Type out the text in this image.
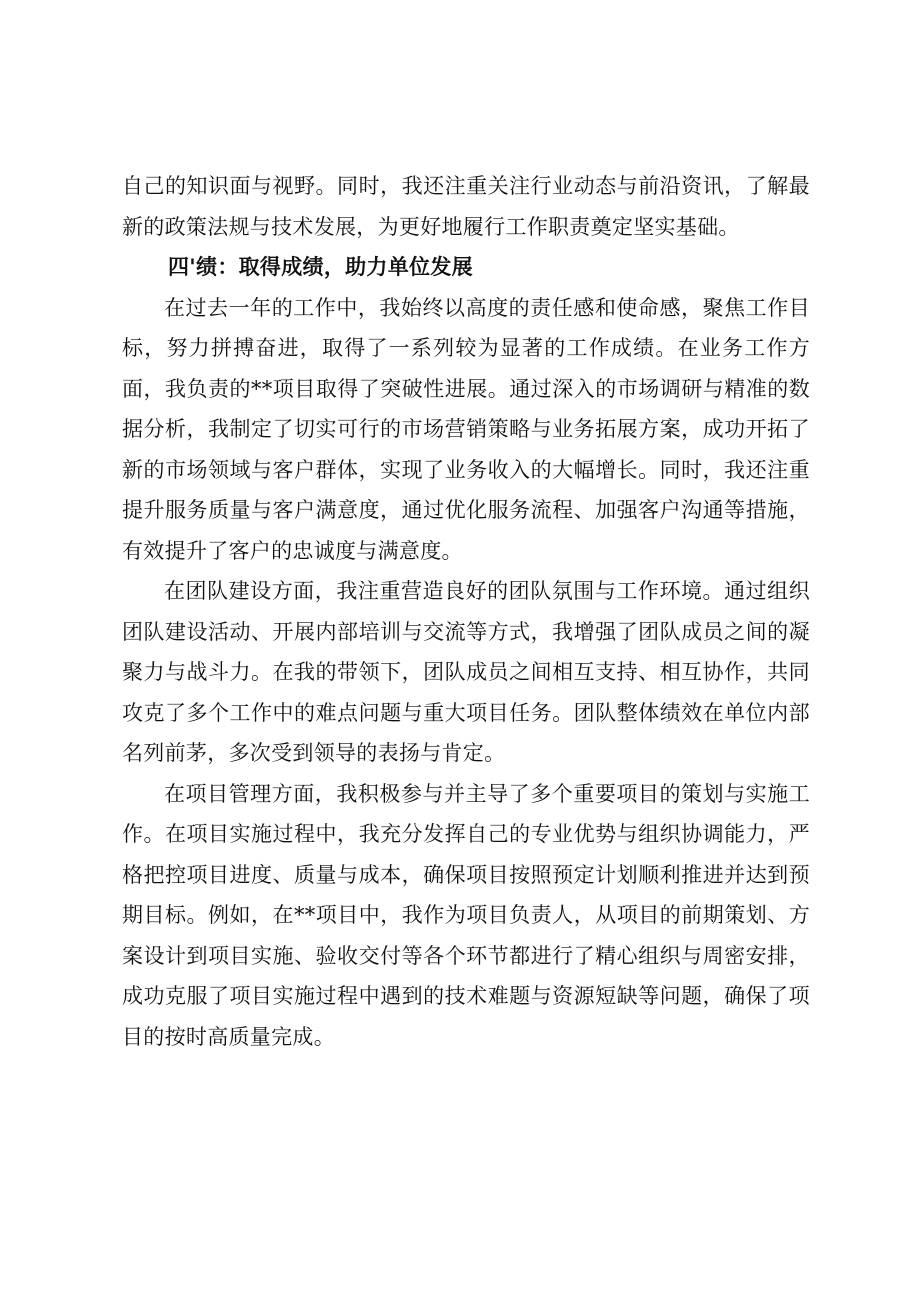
自己的知识面与视野。同时，我还注重关注行业动态与前沿资讯，了解最新的政策法规与技术发展，为更好地履行工作职责奠定坚实基础。

四'绩：取得成绩，助力单位发展

在过去一年的工作中，我始终以高度的责任感和使命感，聚焦工作目标，努力拼搏奋进，取得了一系列较为显著的工作成绩。在业务工作方面，我负责的**项目取得了突破性进展。通过深入的市场调研与精准的数据分析，我制定了切实可行的市场营销策略与业务拓展方案，成功开拓了新的市场领域与客户群体，实现了业务收入的大幅增长。同时，我还注重提升服务质量与客户满意度，通过优化服务流程、加强客户沟通等措施，有效提升了客户的忠诚度与满意度。

在团队建设方面，我注重营造良好的团队氛围与工作环境。通过组织团队建设活动、开展内部培训与交流等方式，我增强了团队成员之间的凝聚力与战斗力。在我的带领下，团队成员之间相互支持、相互协作，共同攻克了多个工作中的难点问题与重大项目任务。团队整体绩效在单位内部名列前茅，多次受到领导的表扬与肯定。

在项目管理方面，我积极参与并主导了多个重要项目的策划与实施工作。在项目实施过程中，我充分发挥自己的专业优势与组织协调能力，严格把控项目进度、质量与成本，确保项目按照预定计划顺利推进并达到预期目标。例如，在**项目中，我作为项目负责人，从项目的前期策划、方案设计到项目实施、验收交付等各个环节都进行了精心组织与周密安排，成功克服了项目实施过程中遇到的技术难题与资源短缺等问题，确保了项目的按时高质量完成。
